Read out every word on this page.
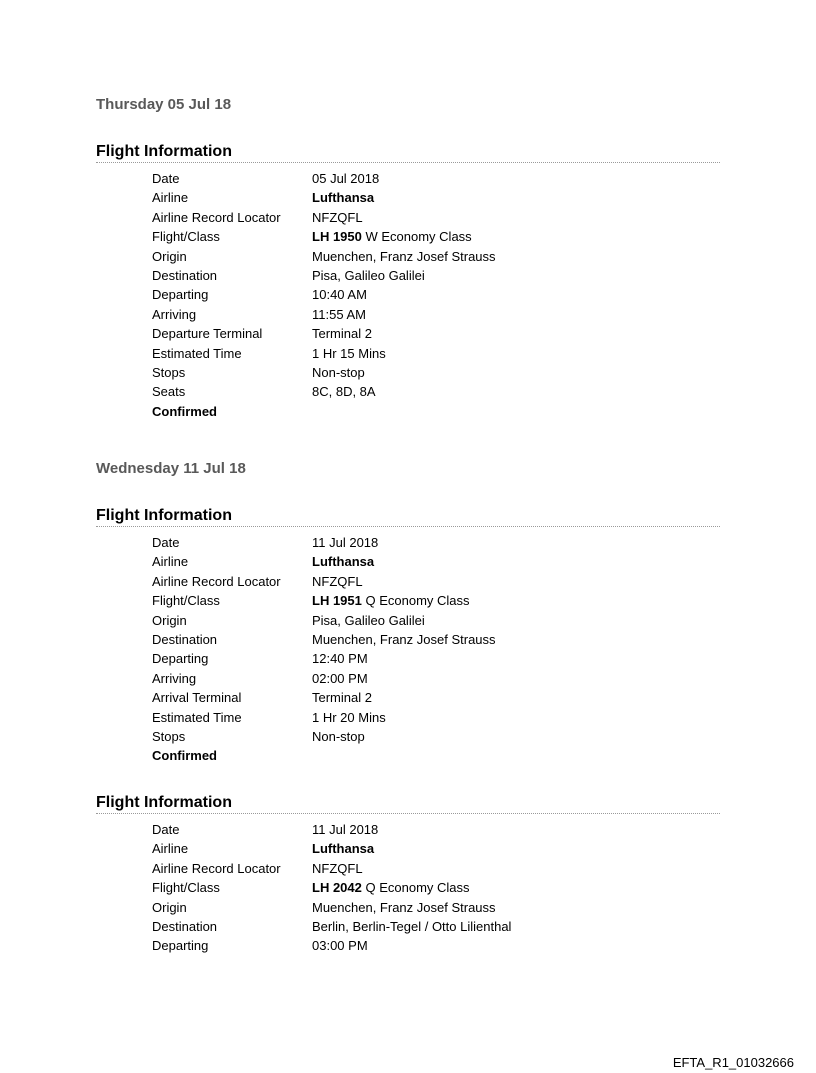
Thursday 05 Jul 18
Flight Information
Date	05 Jul 2018
Airline	Lufthansa
Airline Record Locator	NFZQFL
Flight/Class	LH 1950 W Economy Class
Origin	Muenchen, Franz Josef Strauss
Destination	Pisa, Galileo Galilei
Departing	10:40 AM
Arriving	11:55 AM
Departure Terminal	Terminal 2
Estimated Time	1 Hr 15 Mins
Stops	Non-stop
Seats	8C, 8D, 8A
Confirmed
Wednesday 11 Jul 18
Flight Information
Date	11 Jul 2018
Airline	Lufthansa
Airline Record Locator	NFZQFL
Flight/Class	LH 1951 Q Economy Class
Origin	Pisa, Galileo Galilei
Destination	Muenchen, Franz Josef Strauss
Departing	12:40 PM
Arriving	02:00 PM
Arrival Terminal	Terminal 2
Estimated Time	1 Hr 20 Mins
Stops	Non-stop
Confirmed
Flight Information
Date	11 Jul 2018
Airline	Lufthansa
Airline Record Locator	NFZQFL
Flight/Class	LH 2042 Q Economy Class
Origin	Muenchen, Franz Josef Strauss
Destination	Berlin, Berlin-Tegel / Otto Lilienthal
Departing	03:00 PM
EFTA_R1_01032666
